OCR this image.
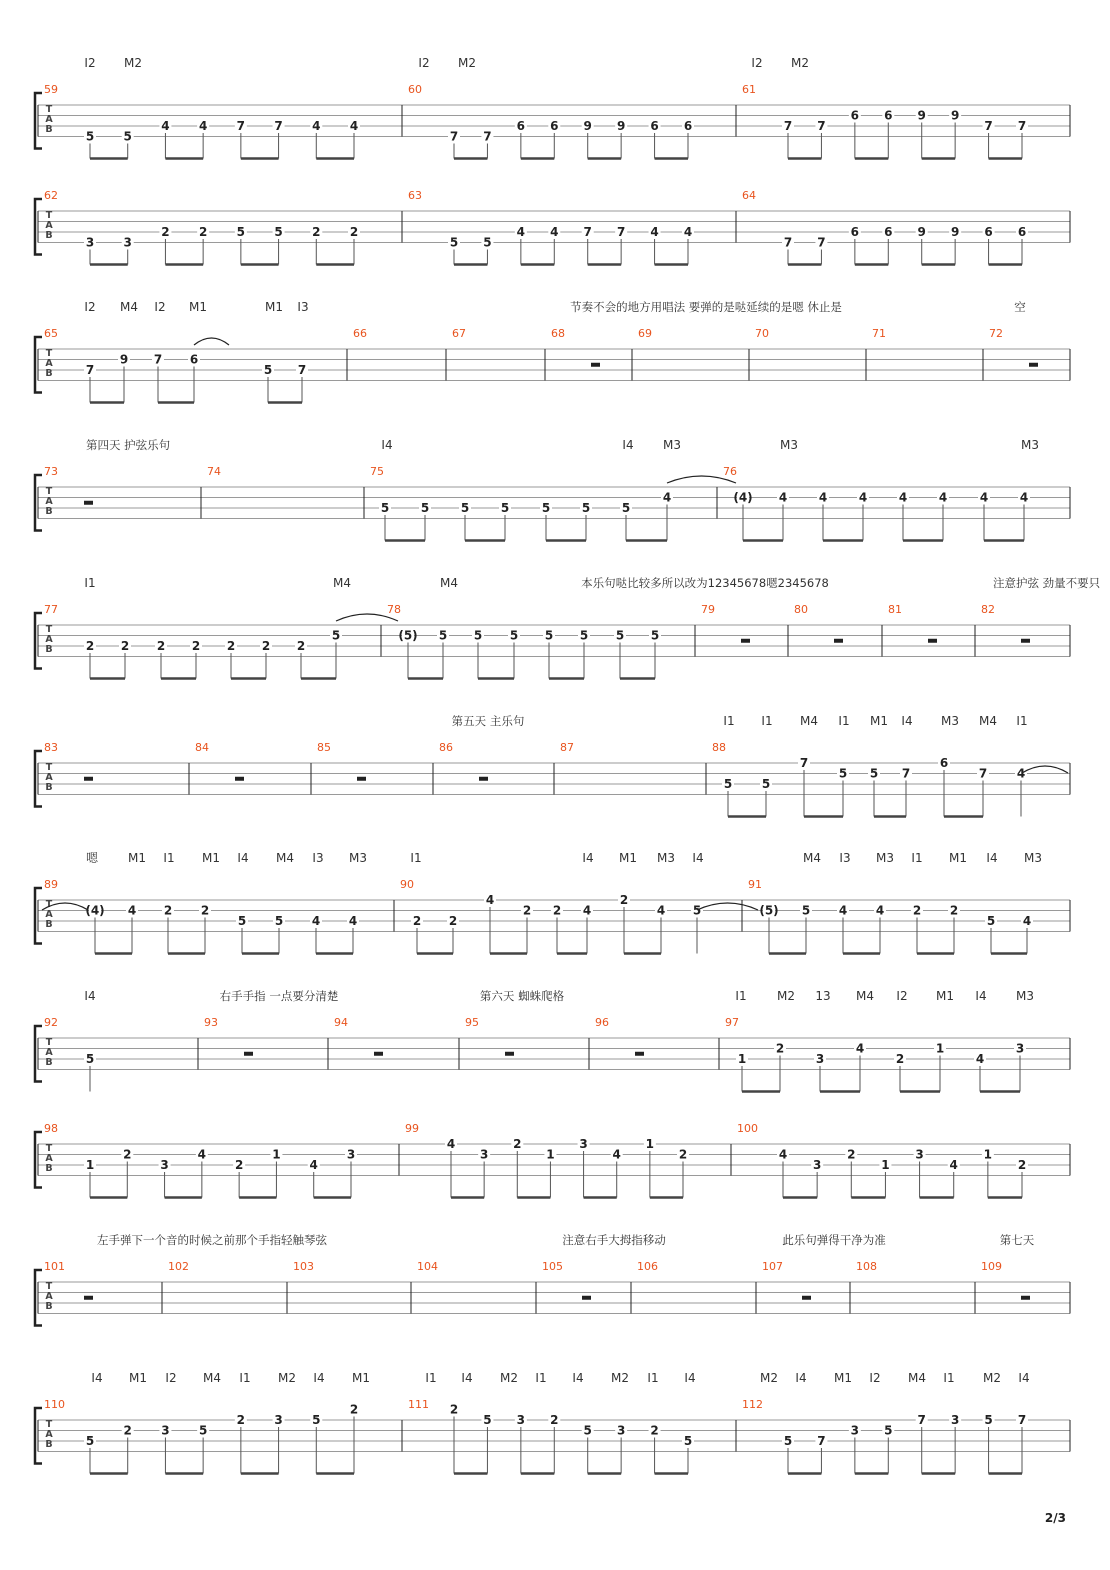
T
A
B
59
5 5
4 4 7 7 4 4
60
7 7
6 6 9 9 6 6
61
7 7
6 6 9 9
7 7
I2 M2	I2 M2	I2 M2
T
A
B
62
3 3
2 2 5 5 2 2
63
5 5
4 4 7 7 4 4
64
7 7
6 6 9 9 6 6
T
A
B
65
7
9 7 6
5 7
66	67	68	69	70	71	72
I2 M4 I2 M1	M1 I3	节奏不会的地方用唱法 要弹的是哒延续的是嗯 休止是	空
T
A
B
73	74	75
5	5	5	5	5	5	5
4
76
(4) 4	4	4	4	4	4	4
I4	I4 M3	M3	M3
第四天 护弦乐句
T
A
B
77
2 2 2 2 2 2 2
5
78
(5) 5 5 5 5 5 5 5
79	80	81	82
I1	M4	M4	本乐句哒比较多所以改为12345678嗯2345678	注意护弦 劲量不要只
T
A
B
83	84	85	86	87	88
5 5
7
5 5 7
6
7 4
I1 I1 M4 I1 M1 I4 M3 M4 I1
第五天 主乐句
T
A
B
89
(4) 4 2 2
5 5 4 4
90
2 2
4
2 2 4
2
4 5
91
(5) 5 4 4 2 2
5 4
嗯 M1 I1 M1 I4 M4 I3 M3	I1	I4 M1 M3 I4	M4 I3 M3 I1 M1 I4 M3
T
A
B
92
5
93	94	95	96	97
1
2
3
4
2
1
4
3
I4	I1	M2 13 M4 I2 M1 I4 M3
右手手指 一点要分清楚	第六天 蜘蛛爬格
T
A
B
98
1
2
3
4
2
1
4
3
99
4
3
2
1
3
4
1
2
100
4
3
2
1
3
4
1
2
T
A
B
101	102	103	104	105	106	107	108	109
左手弹下一个音的时候之前那个手指轻触琴弦	注意右手大拇指移动	此乐句弹得干净为准	第七天
T
A
B
110
5
2 3 5
2 3 5
2	111 2
5 3 2
5 3 2
5
112
5 7
3 5
7 3 5 7
I4 M1 I2 M4 I1 M2 I4 M1	I1 I4 M2 I1 I4 M2 I1 I4	M2 I4 M1 I2 M4 I1 M2 I4
2/3
